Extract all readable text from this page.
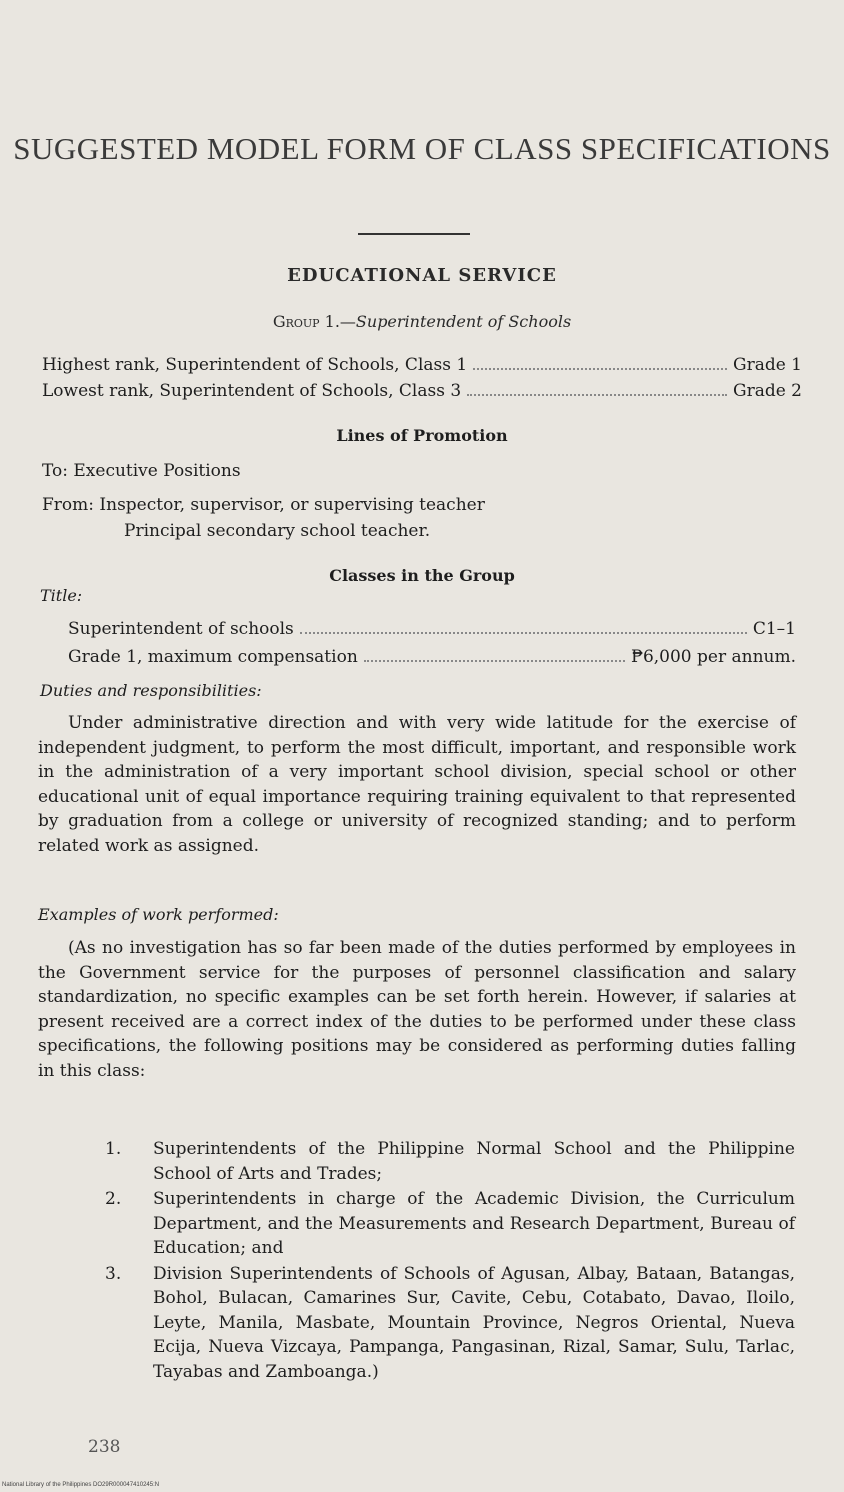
SUGGESTED MODEL FORM OF CLASS SPECIFICATIONS
EDUCATIONAL SERVICE
Group 1.—Superintendent of Schools
Highest rank, Superintendent of Schools, Class 1	Grade 1
Lowest rank, Superintendent of Schools, Class 3	Grade 2
Lines of Promotion
To: Executive Positions
From: Inspector, supervisor, or supervising teacher
Principal secondary school teacher.
Classes in the Group
Title:
Superintendent of schools	C1–1
Grade 1, maximum compensation	₱6,000 per annum.
Duties and responsibilities:
Under administrative direction and with very wide latitude for the exercise of independent judgment, to perform the most difficult, important, and responsible work in the administration of a very important school division, special school or other educational unit of equal importance requiring training equivalent to that represented by graduation from a college or university of recognized standing; and to perform related work as assigned.
Examples of work performed:
(As no investigation has so far been made of the duties performed by employees in the Government service for the purposes of personnel classification and salary standardization, no specific examples can be set forth herein. However, if salaries at present received are a correct index of the duties to be performed under these class specifications, the following positions may be considered as performing duties falling in this class:
1. Superintendents of the Philippine Normal School and the Philippine School of Arts and Trades;
2. Superintendents in charge of the Academic Division, the Curriculum Department, and the Measurements and Research Department, Bureau of Education; and
3. Division Superintendents of Schools of Agusan, Albay, Bataan, Batangas, Bohol, Bulacan, Camarines Sur, Cavite, Cebu, Cotabato, Davao, Iloilo, Leyte, Manila, Masbate, Mountain Province, Negros Oriental, Nueva Ecija, Nueva Vizcaya, Pampanga, Pangasinan, Rizal, Samar, Sulu, Tarlac, Tayabas and Zamboanga.)
238
National Library of the Philippines DO29R000047410245:N
